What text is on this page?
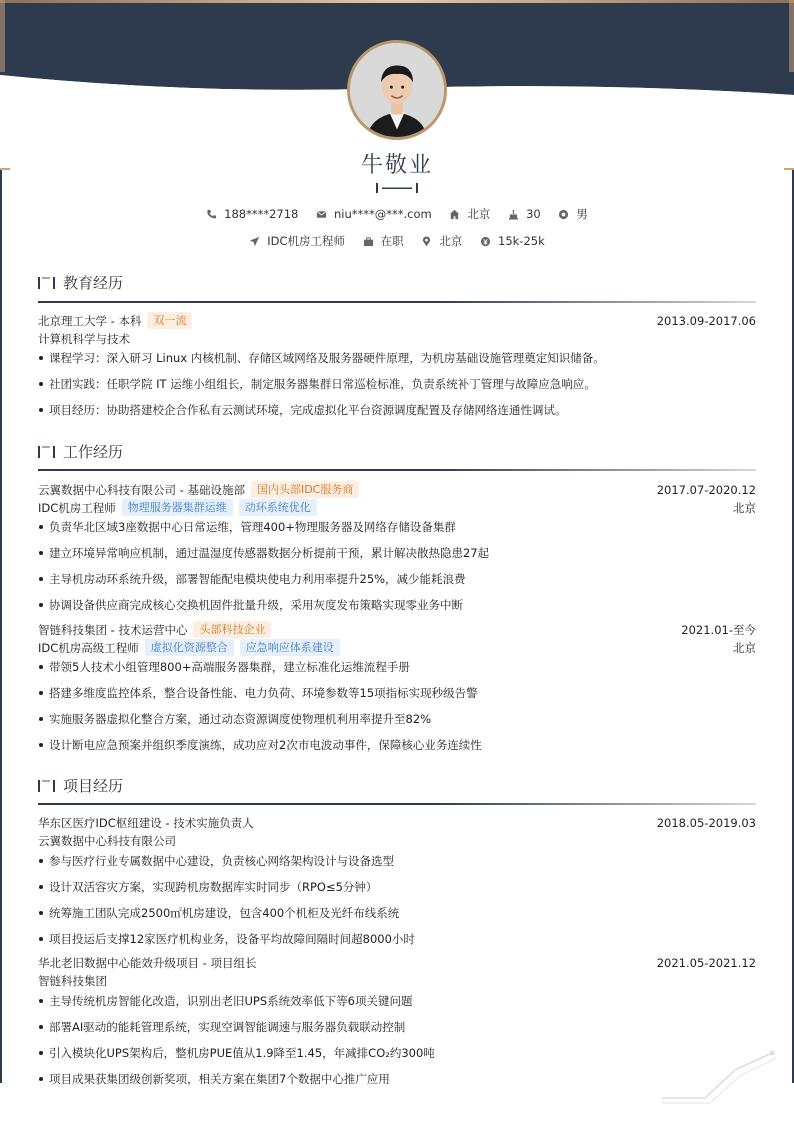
牛敬业
188****2718
	niu****@***.com
	北京
	30
	男
IDC机房工程师
	在职
	北京
	15k-25k
教育经历
北京理工大学 - 本科	双一流	2013.09-2017.06
计算机科学与技术
课程学习：深入研习 Linux 内核机制、存储区域网络及服务器硬件原理，为机房基础设施管理奠定知识储备。
社团实践：任职学院 IT 运维小组组长，制定服务器集群日常巡检标准，负责系统补丁管理与故障应急响应。
项目经历：协助搭建校企合作私有云测试环境，完成虚拟化平台资源调度配置及存储网络连通性调试。
工作经历
云翼数据中心科技有限公司 - 基础设施部	国内头部IDC服务商	2017.07-2020.12
IDC机房工程师	物理服务器集群运维	动环系统优化	北京
负责华北区域3座数据中心日常运维，管理400+物理服务器及网络存储设备集群
建立环境异常响应机制，通过温湿度传感器数据分析提前干预，累计解决散热隐患27起
主导机房动环系统升级，部署智能配电模块使电力利用率提升25%，减少能耗浪费
协调设备供应商完成核心交换机固件批量升级，采用灰度发布策略实现零业务中断
智链科技集团 - 技术运营中心	头部科技企业	2021.01-至今
IDC机房高级工程师	虚拟化资源整合	应急响应体系建设	北京
带领5人技术小组管理800+高端服务器集群，建立标准化运维流程手册
搭建多维度监控体系，整合设备性能、电力负荷、环境参数等15项指标实现秒级告警
实施服务器虚拟化整合方案，通过动态资源调度使物理机利用率提升至82%
设计断电应急预案并组织季度演练，成功应对2次市电波动事件，保障核心业务连续性
项目经历
华东区医疗IDC枢纽建设 - 技术实施负责人	2018.05-2019.03
云翼数据中心科技有限公司
参与医疗行业专属数据中心建设，负责核心网络架构设计与设备选型
设计双活容灾方案，实现跨机房数据库实时同步（RPO≤5分钟）
统筹施工团队完成2500㎡机房建设，包含400个机柜及光纤布线系统
项目投运后支撑12家医疗机构业务，设备平均故障间隔时间超8000小时
华北老旧数据中心能效升级项目 - 项目组长	2021.05-2021.12
智链科技集团
主导传统机房智能化改造，识别出老旧UPS系统效率低下等6项关键问题
部署AI驱动的能耗管理系统，实现空调智能调速与服务器负载联动控制
引入模块化UPS架构后，整机房PUE值从1.9降至1.45，年减排CO₂约300吨
项目成果获集团级创新奖项，相关方案在集团7个数据中心推广应用
